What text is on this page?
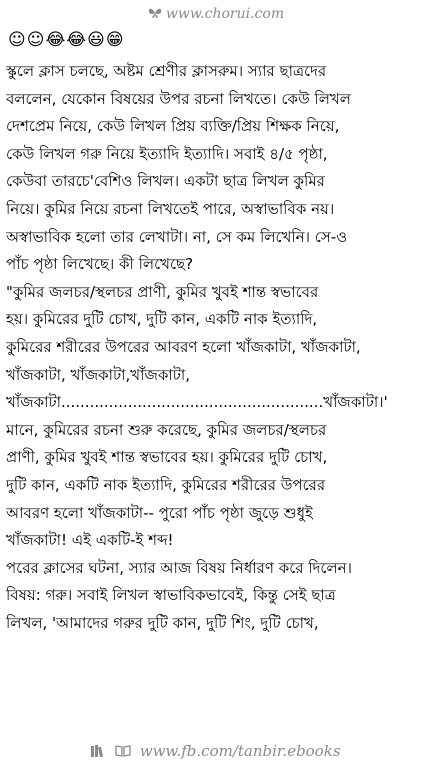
www.chorui.com
☺☺😂😂😃😁
স্কুলে ক্লাস চলছে, অষ্টম শ্রেণীর ক্লাসরুম। স্যার ছাত্রদের
বললেন, যেকোন বিষয়ের উপর রচনা লিখতে। কেউ লিখল
দেশপ্রেম নিয়ে, কেউ লিখল প্রিয় ব্যক্তি/প্রিয় শিক্ষক নিয়ে,
কেউ লিখল গরু নিয়ে ইত্যাদি ইত্যাদি। সবাই ৪/৫ পৃষ্ঠা,
কেউবা তারচে'বেশিও লিখল। একটা ছাত্র লিখল কুমির
নিয়ে। কুমির নিয়ে রচনা লিখতেই পারে, অস্বাভাবিক নয়।
অস্বাভাবিক হলো তার লেখাটা। না, সে কম লিখেনি। সে-ও
পাঁচ পৃষ্ঠা লিখেছে। কী লিখেছে?
"কুমির জলচর/স্থলচর প্রাণী, কুমির খুবই শান্ত স্বভাবের
হয়। কুমিরের দুটি চোখ, দুটি কান, একটি নাক ইত্যাদি,
কুমিরের শরীরের উপরের আবরণ হলো খাঁজকাটা, খাঁজকাটা,
খাঁজকাটা, খাঁজকাটা,খাঁজকাটা,
খাঁজকাটা.......................................................খাঁজকাটা।'
মানে, কুমিরের রচনা শুরু করেছে, কুমির জলচর/স্থলচর
প্রাণী, কুমির খুবই শান্ত স্বভাবের হয়। কুমিরের দুটি চোখ,
দুটি কান, একটি নাক ইত্যাদি, কুমিরের শরীরের উপরের
আবরণ হলো খাঁজকাটা-- পুরো পাঁচ পৃষ্ঠা জুড়ে শুধুই
খাঁজকাটা! এই একটি-ই শব্দ!
পরের ক্লাসের ঘটনা, স্যার আজ বিষয় নির্ধারণ করে দিলেন।
বিষয়: গরু। সবাই লিখল স্বাভাবিকভাবেই, কিন্তু সেই ছাত্র
লিখল, 'আমাদের গরুর দুটি কান, দুটি শিং, দুটি চোখ,
www.fb.com/tanbir.ebooks
